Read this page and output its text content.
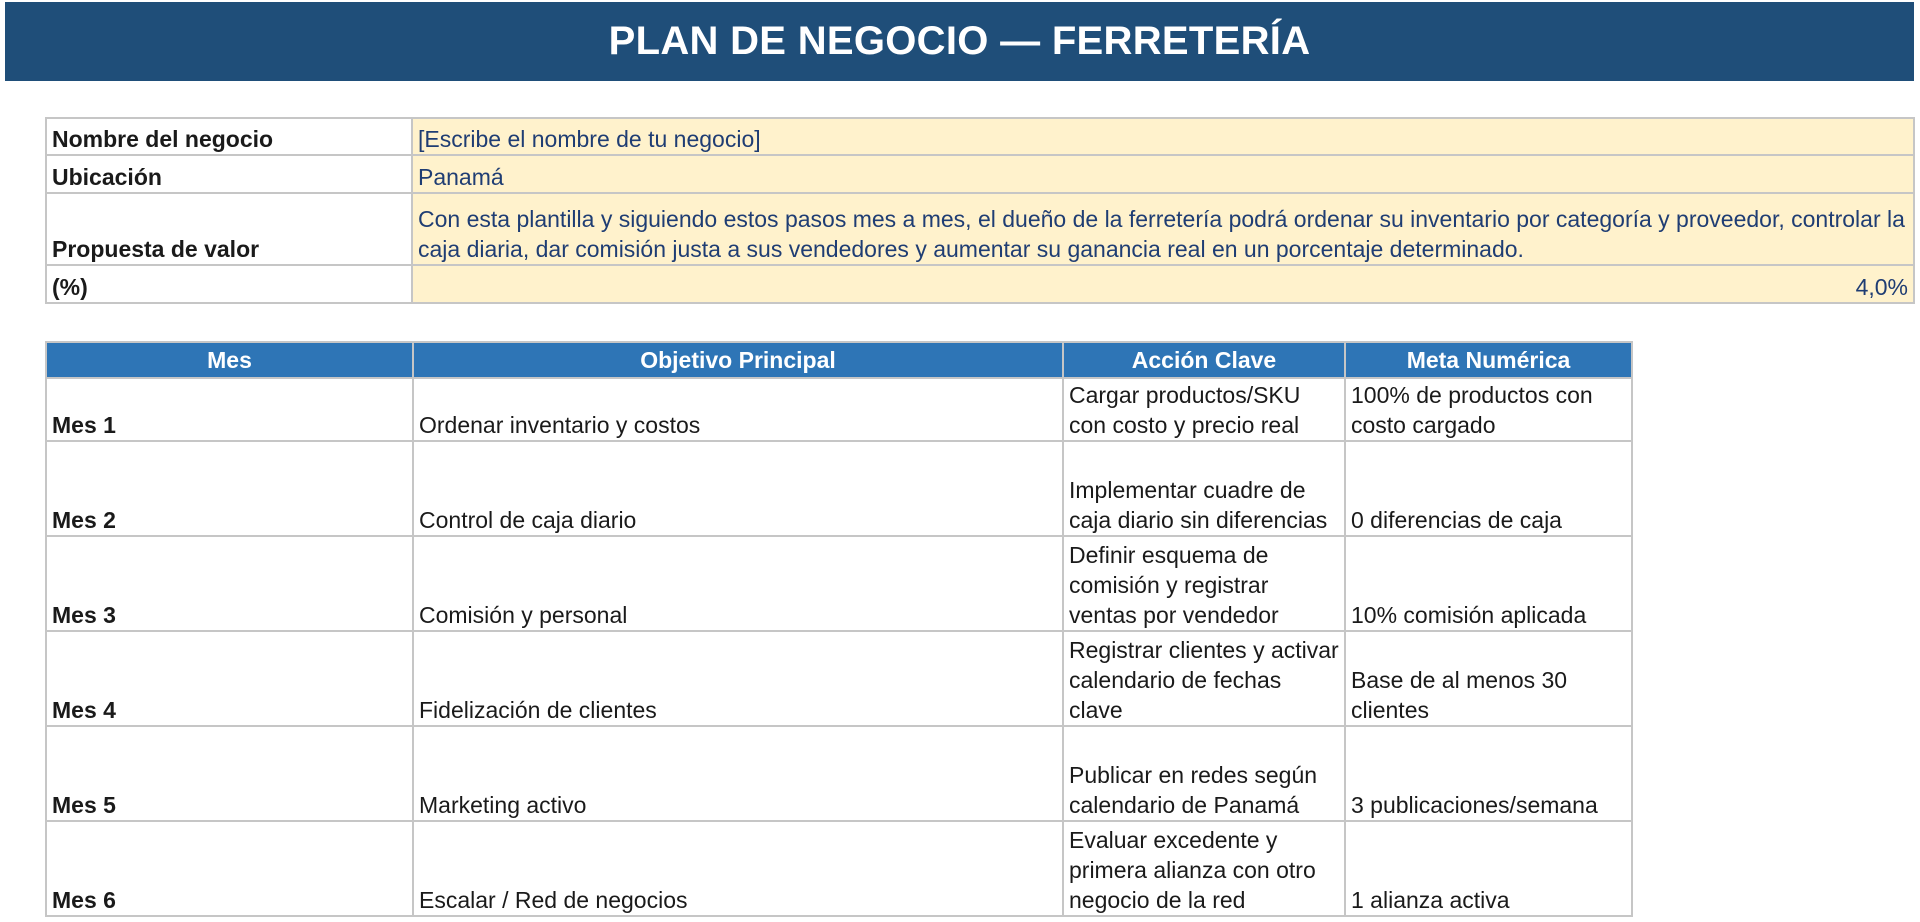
PLAN DE NEGOCIO — FERRETERÍA
Nombre del negocio	[Escribe el nombre de tu negocio]
Ubicación	Panamá
Propuesta de valor	Con esta plantilla y siguiendo estos pasos mes a mes, el dueño de la ferretería podrá ordenar su inventario por categoría y proveedor, controlar la caja diaria, dar comisión justa a sus vendedores y aumentar su ganancia real en un porcentaje determinado.
(%)	4,0%
Mes	Objetivo Principal	Acción Clave	Meta Numérica
Mes 1	Ordenar inventario y costos	Cargar productos/SKU con costo y precio real	100% de productos con costo cargado
Mes 2	Control de caja diario	Implementar cuadre de caja diario sin diferencias	0 diferencias de caja
Mes 3	Comisión y personal	Definir esquema de comisión y registrar ventas por vendedor	10% comisión aplicada
Mes 4	Fidelización de clientes	Registrar clientes y activar calendario de fechas clave	Base de al menos 30 clientes
Mes 5	Marketing activo	Publicar en redes según calendario de Panamá	3 publicaciones/semana
Mes 6	Escalar / Red de negocios	Evaluar excedente y primera alianza con otro negocio de la red	1 alianza activa
